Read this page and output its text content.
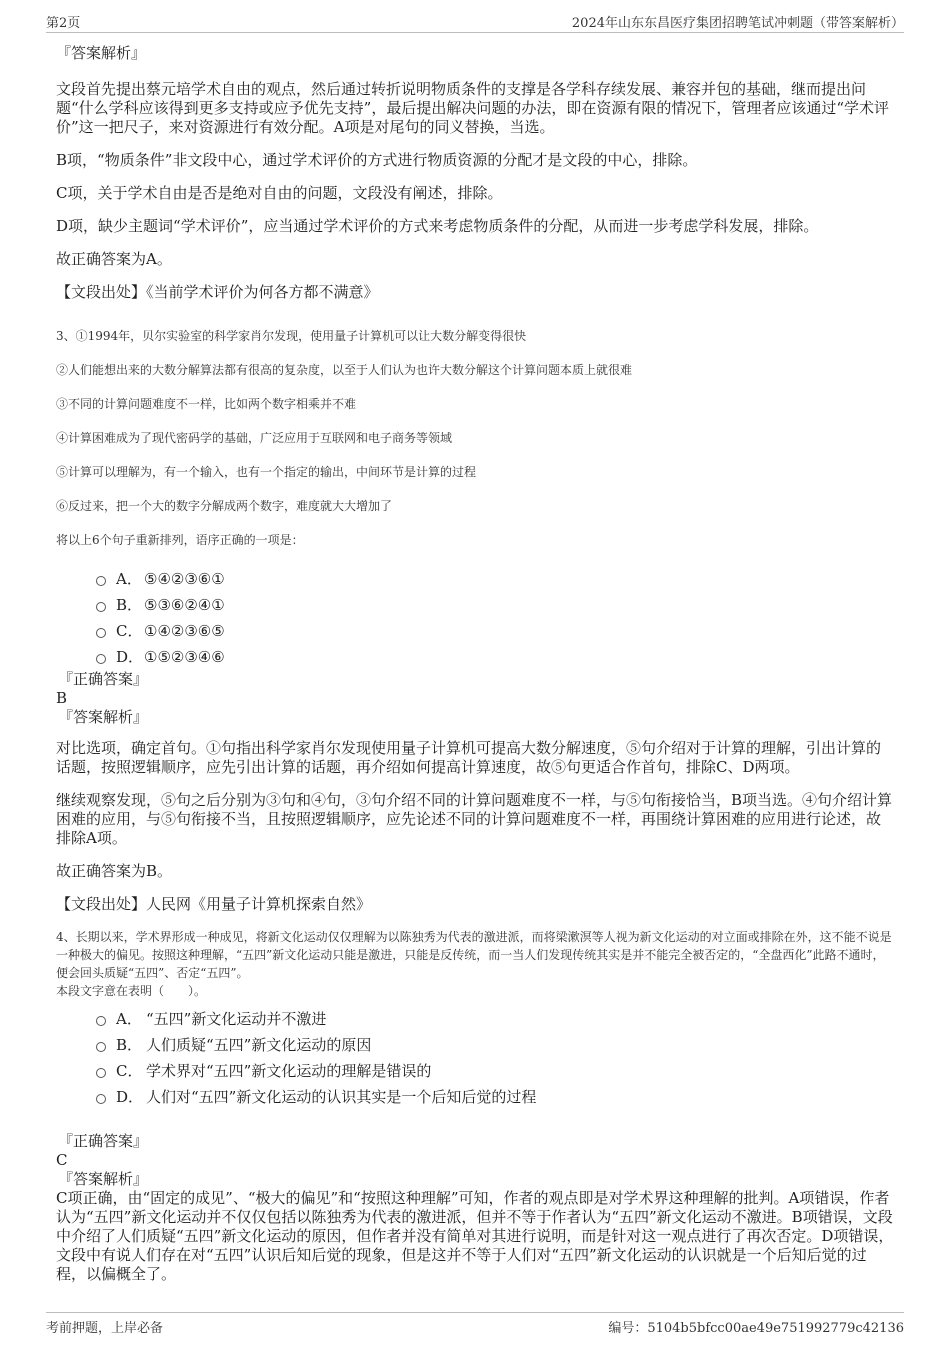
第2页	2024年山东东昌医疗集团招聘笔试冲刺题（带答案解析）

『答案解析』

文段首先提出蔡元培学术自由的观点，然后通过转折说明物质条件的支撑是各学科存续发展、兼容并包的基础，继而提出问题“什么学科应该得到更多支持或应予优先支持”，最后提出解决问题的办法，即在资源有限的情况下，管理者应该通过“学术评价”这一把尺子，来对资源进行有效分配。A项是对尾句的同义替换，当选。

B项，“物质条件”非文段中心，通过学术评价的方式进行物质资源的分配才是文段的中心，排除。

C项，关于学术自由是否是绝对自由的问题，文段没有阐述，排除。

D项，缺少主题词“学术评价”，应当通过学术评价的方式来考虑物质条件的分配，从而进一步考虑学科发展，排除。

故正确答案为A。

【文段出处】《当前学术评价为何各方都不满意》

3、①1994年，贝尔实验室的科学家肖尔发现，使用量子计算机可以让大数分解变得很快

②人们能想出来的大数分解算法都有很高的复杂度，以至于人们认为也许大数分解这个计算问题本质上就很难

③不同的计算问题难度不一样，比如两个数字相乘并不难

④计算困难成为了现代密码学的基础，广泛应用于互联网和电子商务等领域

⑤计算可以理解为，有一个输入，也有一个指定的输出，中间环节是计算的过程

⑥反过来，把一个大的数字分解成两个数字，难度就大大增加了

将以上6个句子重新排列，语序正确的一项是：

A． ⑤④②③⑥①
B． ⑤③⑥②④①
C． ①④②③⑥⑤
D． ①⑤②③④⑥

『正确答案』

B

『答案解析』

对比选项，确定首句。①句指出科学家肖尔发现使用量子计算机可提高大数分解速度，⑤句介绍对于计算的理解，引出计算的话题，按照逻辑顺序，应先引出计算的话题，再介绍如何提高计算速度，故⑤句更适合作首句，排除C、D两项。

继续观察发现，⑤句之后分别为③句和④句，③句介绍不同的计算问题难度不一样，与⑤句衔接恰当，B项当选。④句介绍计算困难的应用，与⑤句衔接不当，且按照逻辑顺序，应先论述不同的计算问题难度不一样，再围绕计算困难的应用进行论述，故排除A项。

故正确答案为B。

【文段出处】人民网《用量子计算机探索自然》

4、长期以来，学术界形成一种成见，将新文化运动仅仅理解为以陈独秀为代表的激进派，而将梁漱溟等人视为新文化运动的对立面或排除在外，这不能不说是一种极大的偏见。按照这种理解，“五四”新文化运动只能是激进，只能是反传统，而一当人们发现传统其实是并不能完全被否定的，“全盘西化”此路不通时，便会回头质疑“五四”、否定“五四”。

本段文字意在表明（　　）。

A． “五四”新文化运动并不激进
B． 人们质疑“五四”新文化运动的原因
C． 学术界对“五四”新文化运动的理解是错误的
D． 人们对“五四”新文化运动的认识其实是一个后知后觉的过程

『正确答案』

C

『答案解析』

C项正确，由“固定的成见”、“极大的偏见”和“按照这种理解”可知，作者的观点即是对学术界这种理解的批判。A项错误，作者认为“五四”新文化运动并不仅仅包括以陈独秀为代表的激进派，但并不等于作者认为“五四”新文化运动不激进。B项错误，文段中介绍了人们质疑“五四”新文化运动的原因，但作者并没有简单对其进行说明，而是针对这一观点进行了再次否定。D项错误，文段中有说人们存在对“五四”认识后知后觉的现象，但是这并不等于人们对“五四”新文化运动的认识就是一个后知后觉的过程，以偏概全了。

考前押题，上岸必备	编号：5104b5bfcc00ae49e751992779c42136
